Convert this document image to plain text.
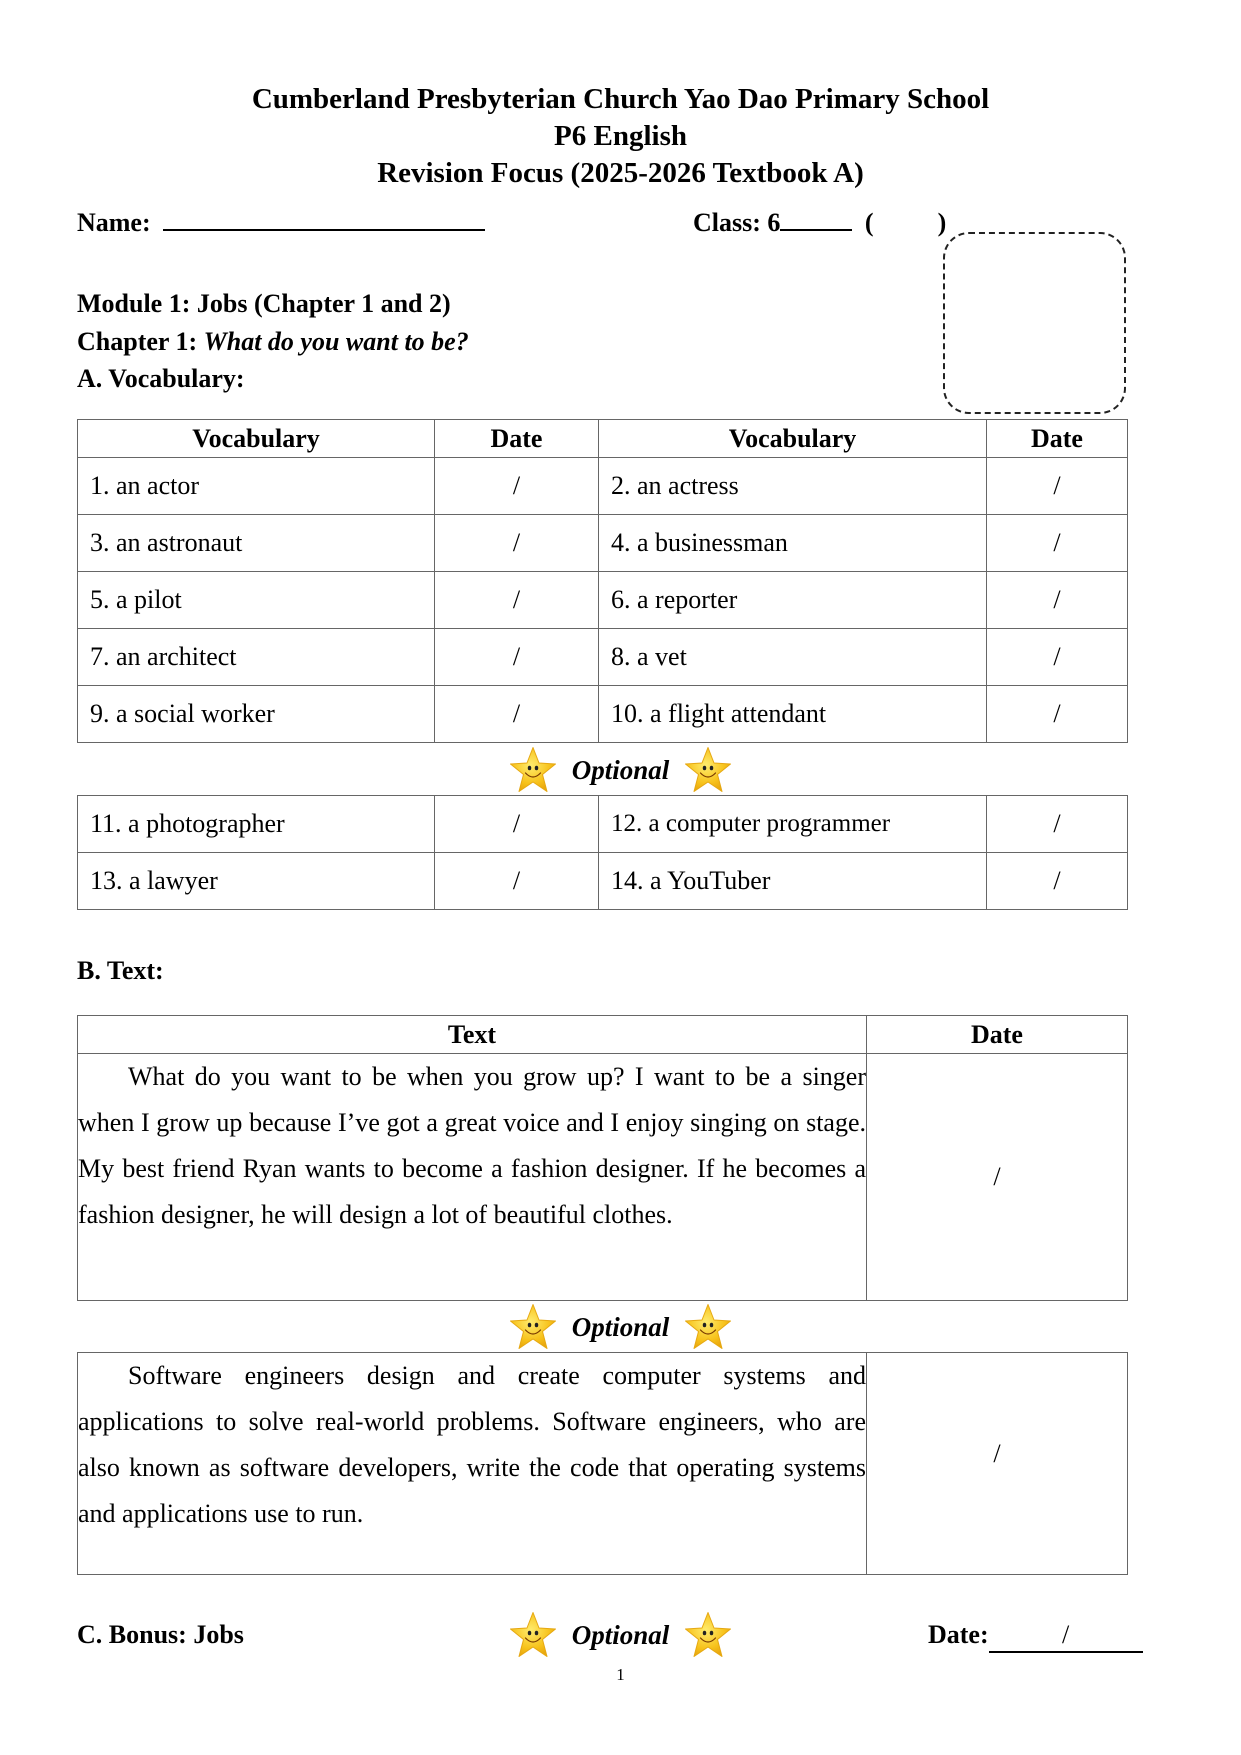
Cumberland Presbyterian Church Yao Dao Primary School
P6 English
Revision Focus (2025-2026 Textbook A)
Name:	Class: 6	( )
Module 1: Jobs (Chapter 1 and 2)
Chapter 1: What do you want to be?
A. Vocabulary:
Vocabulary	Date	Vocabulary	Date
1. an actor	/	2. an actress	/
3. an astronaut	/	4. a businessman	/
5. a pilot	/	6. a reporter	/
7. an architect	/	8. a vet	/
9. a social worker	/	10. a flight attendant	/
Optional
11. a photographer	/	12. a computer programmer	/
13. a lawyer	/	14. a YouTuber	/
B. Text:
Text	Date
What do you want to be when you grow up? I want to be a singer when I grow up because I’ve got a great voice and I enjoy singing on stage. My best friend Ryan wants to become a fashion designer. If he becomes a fashion designer, he will design a lot of beautiful clothes.	/
Optional
Software engineers design and create computer systems and applications to solve real-world problems. Software engineers, who are also known as software developers, write the code that operating systems and applications use to run.	/
C. Bonus: Jobs	Optional	Date:	/
1
